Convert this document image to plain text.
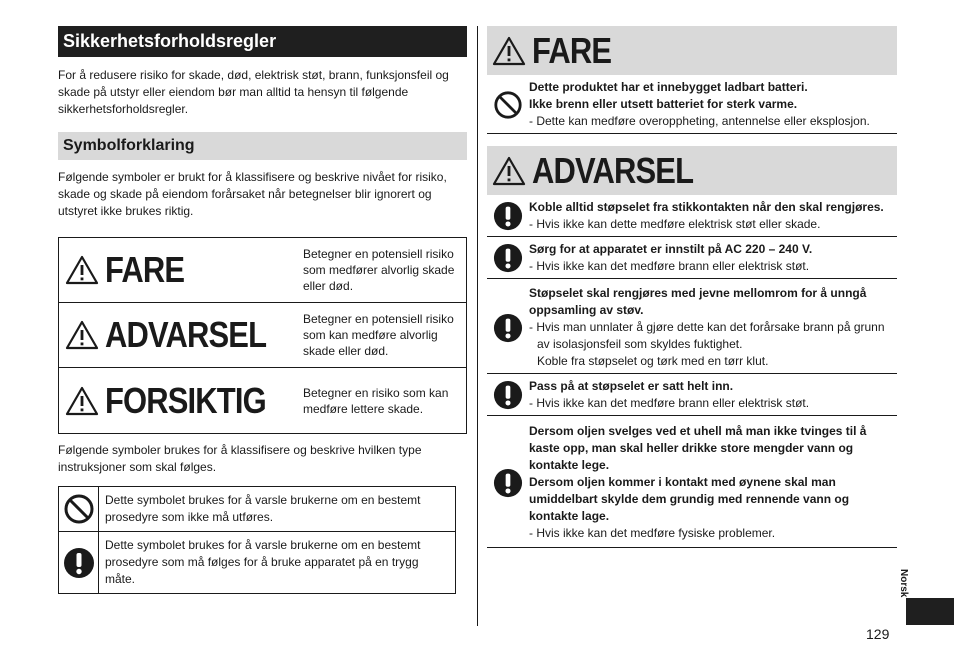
Sikkerhetsforholdsregler
For å redusere risiko for skade, død, elektrisk støt, brann, funksjonsfeil og skade på utstyr eller eiendom bør man alltid ta hensyn til følgende sikkerhetsforholdsregler.
Symbolforklaring
Følgende symboler er brukt for å klassifisere og beskrive nivået for risiko, skade og skade på eiendom forårsaket når betegnelser blir ignorert og utstyret ikke brukes riktig.
FARE	Betegner en potensiell risiko som medfører alvorlig skade eller død.
ADVARSEL	Betegner en potensiell risiko som kan medføre alvorlig skade eller død.
FORSIKTIG	Betegner en risiko som kan medføre lettere skade.
Følgende symboler brukes for å klassifisere og beskrive hvilken type instruksjoner som skal følges.
Dette symbolet brukes for å varsle brukerne om en bestemt prosedyre som ikke må utføres.
Dette symbolet brukes for å varsle brukerne om en bestemt prosedyre som må følges for å bruke apparatet på en trygg måte.
FARE
Dette produktet har et innebygget ladbart batteri.
Ikke brenn eller utsett batteriet for sterk varme.
- Dette kan medføre overoppheting, antennelse eller eksplosjon.
ADVARSEL
Koble alltid støpselet fra stikkontakten når den skal rengjøres.
- Hvis ikke kan dette medføre elektrisk støt eller skade.
Sørg for at apparatet er innstilt på AC 220 – 240 V.
- Hvis ikke kan det medføre brann eller elektrisk støt.
Støpselet skal rengjøres med jevne mellomrom for å unngå oppsamling av støv.
- Hvis man unnlater å gjøre dette kan det forårsake brann på grunn av isolasjonsfeil som skyldes fuktighet.
Koble fra støpselet og tørk med en tørr klut.
Pass på at støpselet er satt helt inn.
- Hvis ikke kan det medføre brann eller elektrisk støt.
Dersom oljen svelges ved et uhell må man ikke tvinges til å kaste opp, man skal heller drikke store mengder vann og kontakte lege.
Dersom oljen kommer i kontakt med øynene skal man umiddelbart skylde dem grundig med rennende vann og kontakte lage.
- Hvis ikke kan det medføre fysiske problemer.
Norsk
129
